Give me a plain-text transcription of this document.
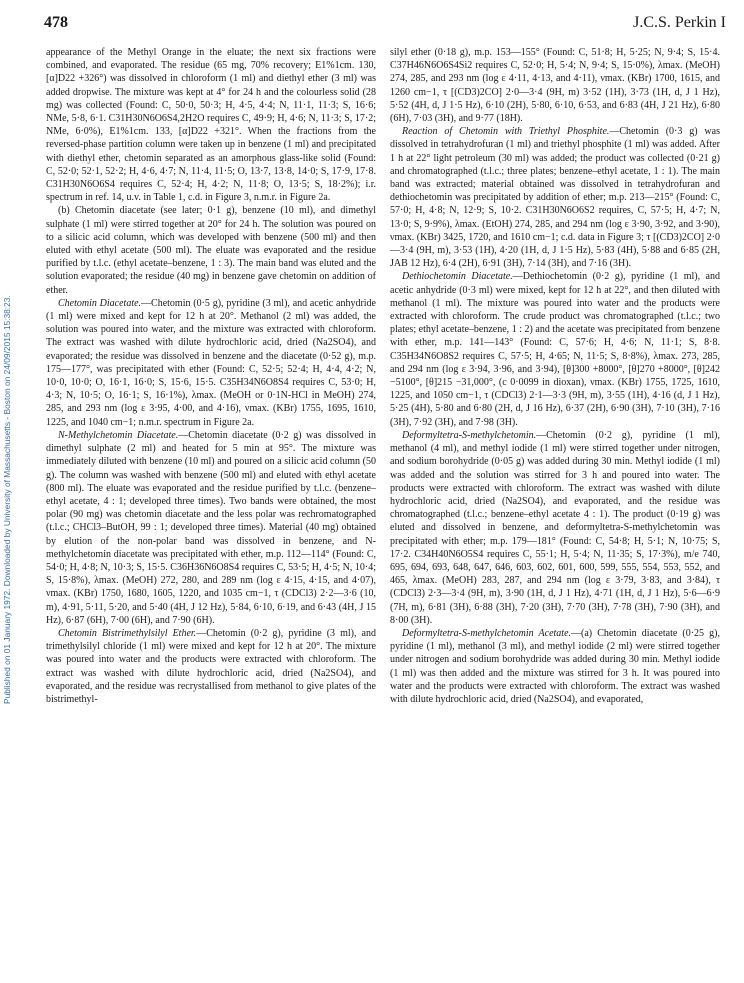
478	J.C.S. Perkin I
Published on 01 January 1972. Downloaded by University of Massachusetts - Boston on 24/09/2015 15:38:23.

appearance of the Methyl Orange in the eluate; the next six fractions were combined, and evaporated. The residue (65 mg, 70% recovery; E1%1cm. 130, [α]D22 +326°) was dissolved in chloroform (1 ml) and diethyl ether (3 ml) was added dropwise. The mixture was kept at 4° for 24 h and the colourless solid (28 mg) was collected (Found: C, 50·0, 50·3; H, 4·5, 4·4; N, 11·1, 11·3; S, 16·6; NMe, 5·8, 6·1. C31H30N6O6S4,2H2O requires C, 49·9; H, 4·6; N, 11·3; S, 17·2; NMe, 6·0%), E1%1cm. 133, [α]D22 +321°. When the fractions from the reversed-phase partition column were taken up in benzene (1 ml) and precipitated with diethyl ether, chetomin separated as an amorphous glass-like solid (Found: C, 52·0; 52·1, 52·2; H, 4·6, 4·7; N, 11·4, 11·5; O, 13·7, 13·8, 14·0; S, 17·9, 17·8. C31H30N6O6S4 requires C, 52·4; H, 4·2; N, 11·8; O, 13·5; S, 18·2%); i.r. spectrum in ref. 14, u.v. in Table 1, c.d. in Figure 3, n.m.r. in Figure 2a.

(b) Chetomin diacetate (see later; 0·1 g), benzene (10 ml), and dimethyl sulphate (1 ml) were stirred together at 20° for 24 h. The solution was poured on to a silicic acid column, which was developed with benzene (500 ml) and then eluted with ethyl acetate (500 ml). The eluate was evaporated and the residue purified by t.l.c. (ethyl acetate–benzene, 1 : 3). The main band was eluted and the solution evaporated; the residue (40 mg) in benzene gave chetomin on addition of ether.

Chetomin Diacetate.—Chetomin (0·5 g), pyridine (3 ml), and acetic anhydride (1 ml) were mixed and kept for 12 h at 20°. Methanol (2 ml) was added, the solution was poured into water, and the mixture was extracted with chloroform. The extract was washed with dilute hydrochloric acid, dried (Na2SO4), and evaporated; the residue was dissolved in benzene and the diacetate (0·52 g), m.p. 175—177°, was precipitated with ether (Found: C, 52·5; 52·4; H, 4·4, 4·2; N, 10·0, 10·0; O, 16·1, 16·0; S, 15·6, 15·5. C35H34N6O8S4 requires C, 53·0; H, 4·3; N, 10·5; O, 16·1; S, 16·1%), λmax. (MeOH or 0·1N-HCl in MeOH) 274, 285, and 293 nm (log ε 3·95, 4·00, and 4·16), νmax. (KBr) 1755, 1695, 1610, 1225, and 1040 cm−1; n.m.r. spectrum in Figure 2a.

N-Methylchetomin Diacetate.—Chetomin diacetate (0·2 g) was dissolved in dimethyl sulphate (2 ml) and heated for 5 min at 95°. The mixture was immediately diluted with benzene (10 ml) and poured on a silicic acid column (50 g). The column was washed with benzene (500 ml) and eluted with ethyl acetate (800 ml). The eluate was evaporated and the residue purified by t.l.c. (benzene–ethyl acetate, 4 : 1; developed three times). Two bands were obtained, the most polar (90 mg) was chetomin diacetate and the less polar was rechromatographed (t.l.c.; CHCl3–ButOH, 99 : 1; developed three times). Material (40 mg) obtained by elution of the non-polar band was dissolved in benzene, and N-methylchetomin diacetate was precipitated with ether, m.p. 112—114° (Found: C, 54·0; H, 4·8; N, 10·3; S, 15·5. C36H36N6O8S4 requires C, 53·5; H, 4·5; N, 10·4; S, 15·8%), λmax. (MeOH) 272, 280, and 289 nm (log ε 4·15, 4·15, and 4·07), νmax. (KBr) 1750, 1680, 1605, 1220, and 1035 cm−1, τ (CDCl3) 2·2—3·6 (10, m), 4·91, 5·11, 5·20, and 5·40 (4H, J 12 Hz), 5·84, 6·10, 6·19, and 6·43 (4H, J 15 Hz), 6·87 (6H), 7·00 (6H), and 7·90 (6H).

Chetomin Bistrimethylsilyl Ether.—Chetomin (0·2 g), pyridine (3 ml), and trimethylsilyl chloride (1 ml) were mixed and kept for 12 h at 20°. The mixture was poured into water and the products were extracted with chloroform. The extract was washed with dilute hydrochloric acid, dried (Na2SO4), and evaporated, and the residue was recrystallised from methanol to give plates of the bistrimethyl-

silyl ether (0·18 g), m.p. 153—155° (Found: C, 51·8; H, 5·25; N, 9·4; S, 15·4. C37H46N6O6S4Si2 requires C, 52·0; H, 5·4; N, 9·4; S, 15·0%), λmax. (MeOH) 274, 285, and 293 nm (log ε 4·11, 4·13, and 4·11), νmax. (KBr) 1700, 1615, and 1260 cm−1, τ [(CD3)2CO] 2·0—3·4 (9H, m) 3·52 (1H), 3·73 (1H, d, J 1 Hz), 5·52 (4H, d, J 1·5 Hz), 6·10 (2H), 5·80, 6·10, 6·53, and 6·83 (4H, J 21 Hz), 6·80 (6H), 7·03 (3H), and 9·77 (18H).

Reaction of Chetomin with Triethyl Phosphite.—Chetomin (0·3 g) was dissolved in tetrahydrofuran (1 ml) and triethyl phosphite (1 ml) was added. After 1 h at 22° light petroleum (30 ml) was added; the product was collected (0·21 g) and chromatographed (t.l.c.; three plates; benzene–ethyl acetate, 1 : 1). The main band was extracted; material obtained was dissolved in tetrahydrofuran and dethiochetomin was precipitated by addition of ether; m.p. 213—215° (Found: C, 57·0; H, 4·8; N, 12·9; S, 10·2. C31H30N6O6S2 requires, C, 57·5; H, 4·7; N, 13·0; S, 9·9%), λmax. (EtOH) 274, 285, and 294 nm (log ε 3·90, 3·92, and 3·90), νmax. (KBr) 3425, 1720, and 1610 cm−1; c.d. data in Figure 3; τ [(CD3)2CO] 2·0—3·4 (9H, m), 3·53 (1H), 4·20 (1H, d, J 1·5 Hz), 5·83 (4H), 5·88 and 6·85 (2H, JAB 12 Hz), 6·4 (2H), 6·91 (3H), 7·14 (3H), and 7·16 (3H).

Dethiochetomin Diacetate.—Dethiochetomin (0·2 g), pyridine (1 ml), and acetic anhydride (0·3 ml) were mixed, kept for 12 h at 22°, and then diluted with methanol (1 ml). The mixture was poured into water and the products were extracted with chloroform. The crude product was chromatographed (t.l.c.; two plates; ethyl acetate–benzene, 1 : 2) and the acetate was precipitated from benzene with ether, m.p. 141—143° (Found: C, 57·6; H, 4·6; N, 11·1; S, 8·8. C35H34N6O8S2 requires C, 57·5; H, 4·65; N, 11·5; S, 8·8%), λmax. 273, 285, and 294 nm (log ε 3·94, 3·96, and 3·94), [θ]300 +8000°, [θ]270 +8000°, [θ]242 −5100°, [θ]215 −31,000°, (c 0·0099 in dioxan), νmax. (KBr) 1755, 1725, 1610, 1225, and 1050 cm−1, τ (CDCl3) 2·1—3·3 (9H, m), 3·55 (1H), 4·16 (d, J 1 Hz), 5·25 (4H), 5·80 and 6·80 (2H, d, J 16 Hz), 6·37 (2H), 6·90 (3H), 7·10 (3H), 7·16 (3H), 7·92 (3H), and 7·98 (3H).

Deformyltetra-S-methylchetomin.—Chetomin (0·2 g), pyridine (1 ml), methanol (4 ml), and methyl iodide (1 ml) were stirred together under nitrogen, and sodium borohydride (0·05 g) was added during 30 min. Methyl iodide (1 ml) was added and the solution was stirred for 3 h and poured into water. The products were extracted with chloroform. The extract was washed with dilute hydrochloric acid, dried (Na2SO4), and evaporated, and the residue was chromatographed (t.l.c.; benzene–ethyl acetate 4 : 1). The product (0·19 g) was eluted and dissolved in benzene, and deformyltetra-S-methylchetomin was precipitated with ether; m.p. 179—181° (Found: C, 54·8; H, 5·1; N, 10·75; S, 17·2. C34H40N6O5S4 requires C, 55·1; H, 5·4; N, 11·35; S, 17·3%), m/e 740, 695, 694, 693, 648, 647, 646, 603, 602, 601, 600, 599, 555, 554, 553, 552, and 465, λmax. (MeOH) 283, 287, and 294 nm (log ε 3·79, 3·83, and 3·84), τ (CDCl3) 2·3—3·4 (9H, m), 3·90 (1H, d, J 1 Hz), 4·71 (1H, d, J 1 Hz), 5·6—6·9 (7H, m), 6·81 (3H), 6·88 (3H), 7·20 (3H), 7·70 (3H), 7·78 (3H), 7·90 (3H), and 8·00 (3H).

Deformyltetra-S-methylchetomin Acetate.—(a) Chetomin diacetate (0·25 g), pyridine (1 ml), methanol (3 ml), and methyl iodide (2 ml) were stirred together under nitrogen and sodium borohydride was added during 30 min. Methyl iodide (1 ml) was then added and the mixture was stirred for 3 h. It was poured into water and the products were extracted with chloroform. The extract was washed with dilute hydrochloric acid, dried (Na2SO4), and evaporated,
